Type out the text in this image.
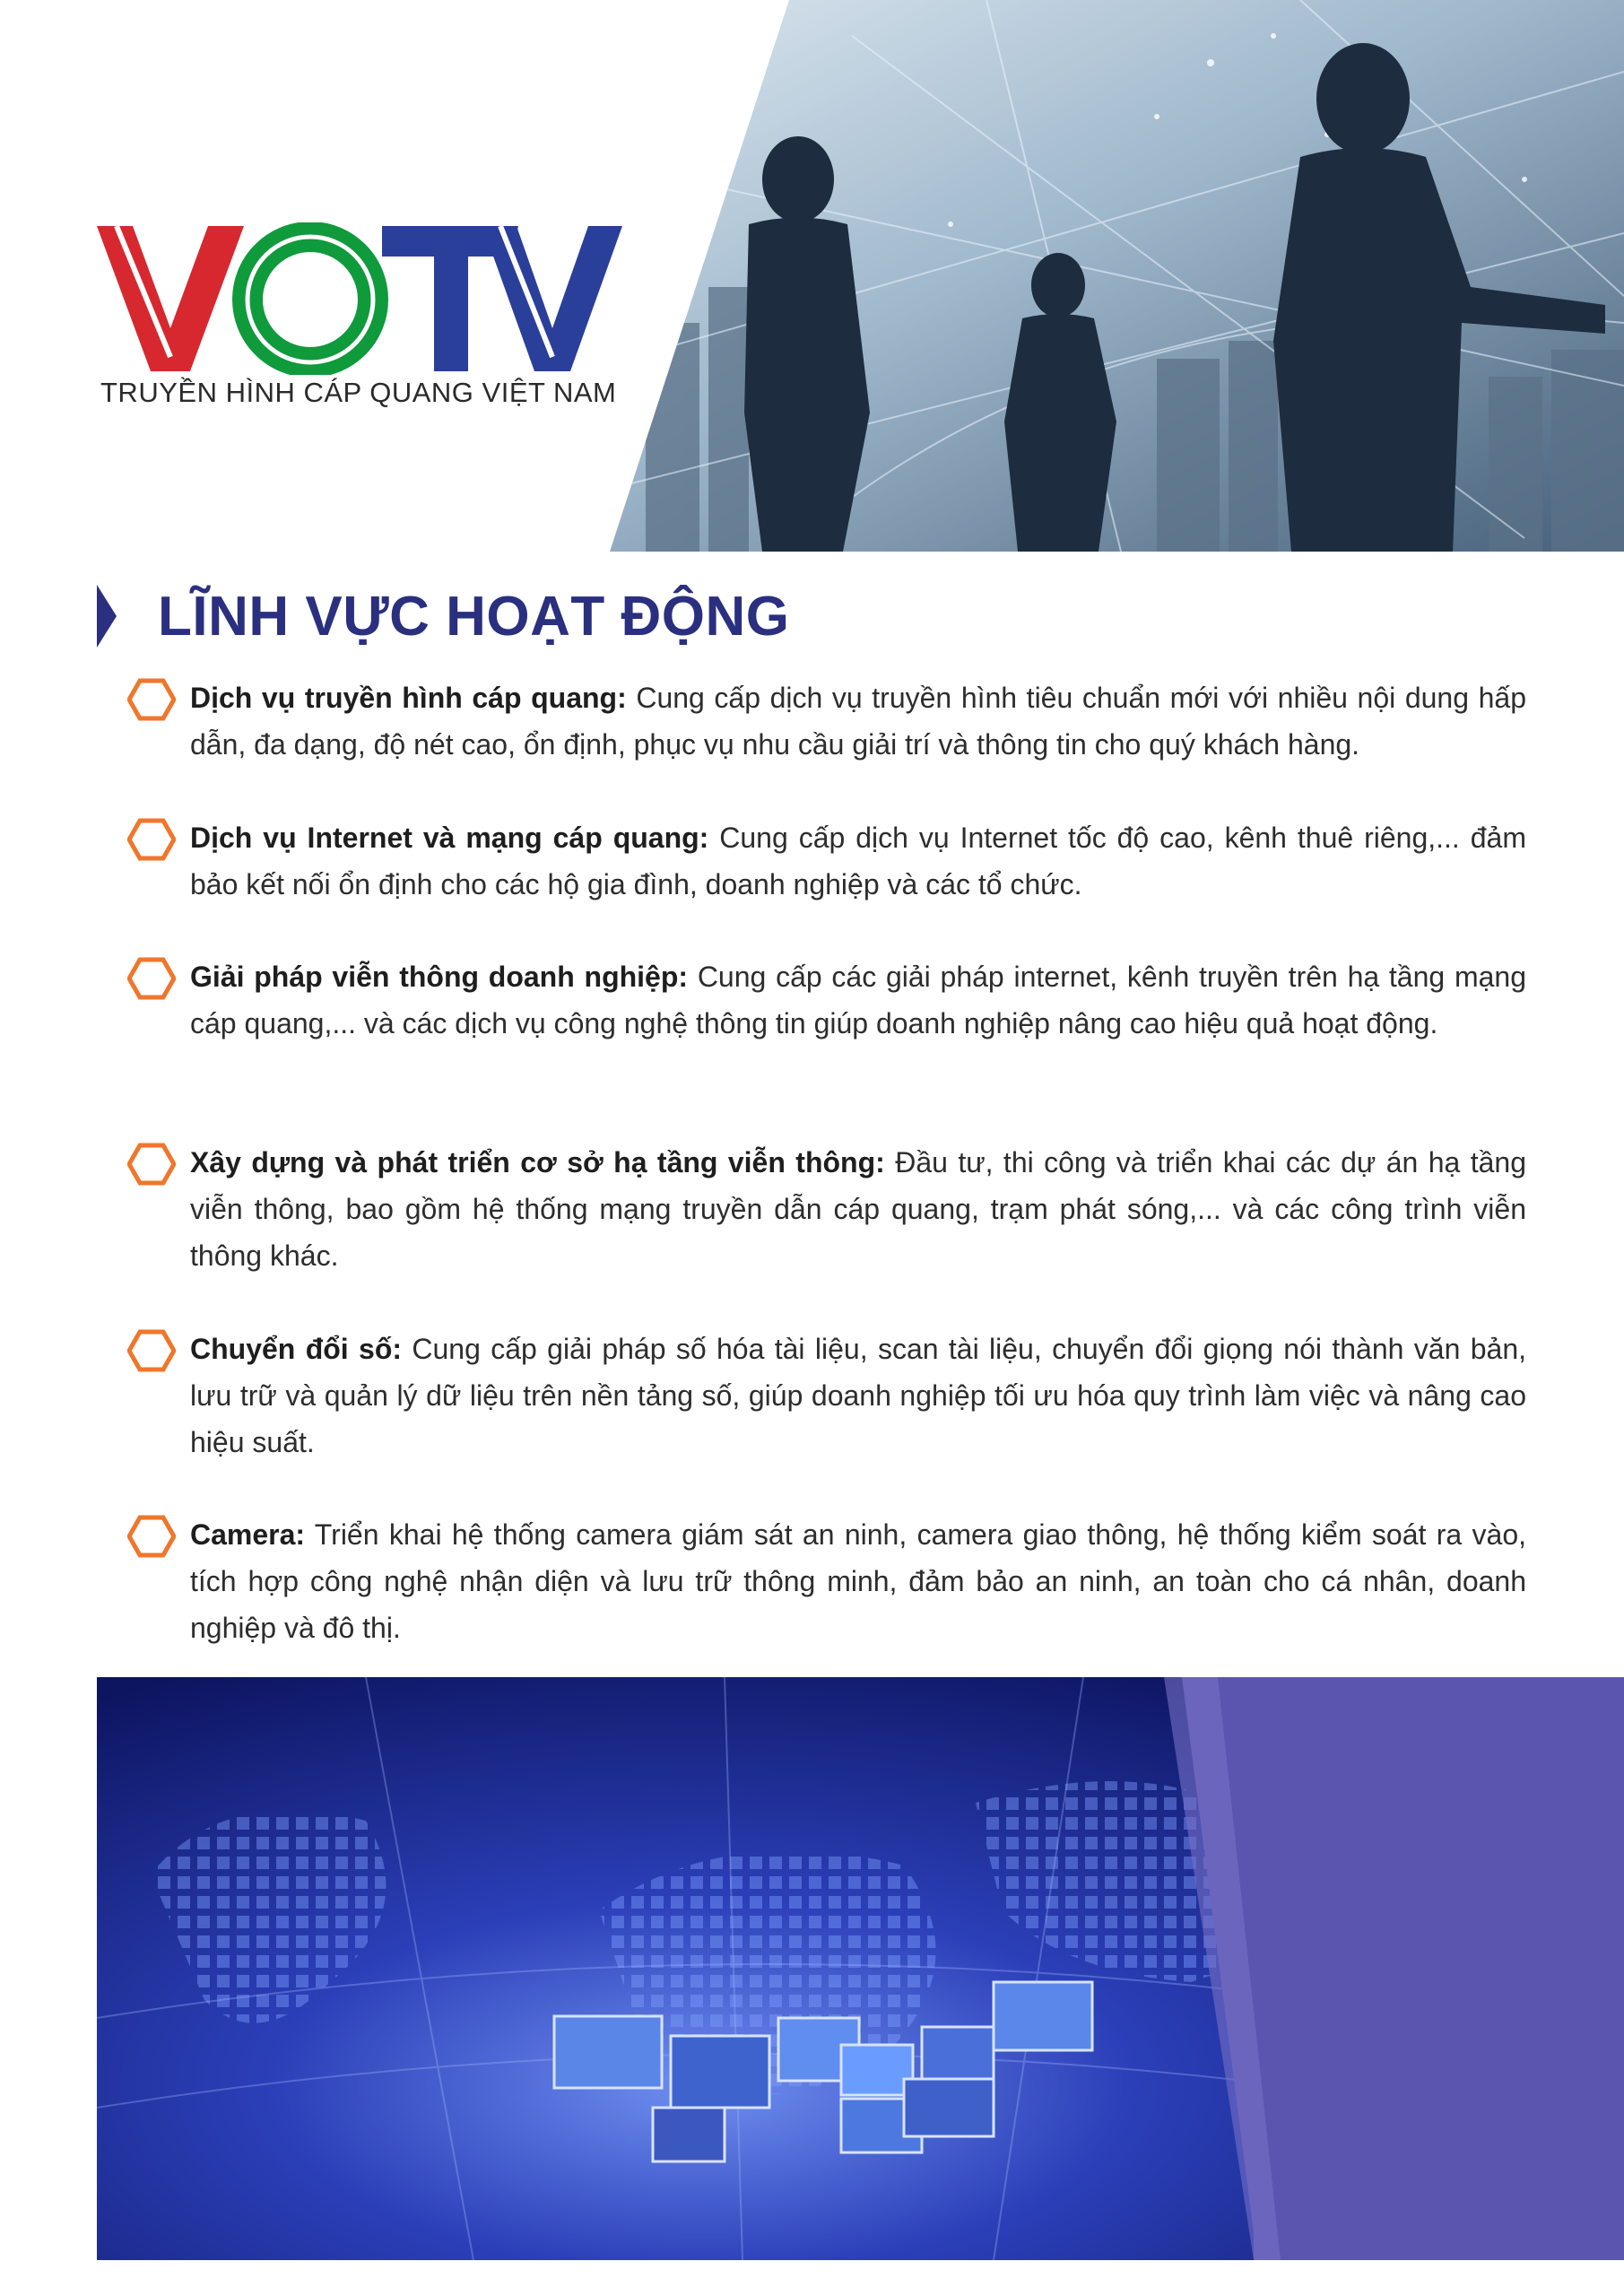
TRUYỀN HÌNH CÁP QUANG VIỆT NAM
LĨNH VỰC HOẠT ĐỘNG
Dịch vụ truyền hình cáp quang: Cung cấp dịch vụ truyền hình tiêu chuẩn mới với nhiều nội dung hấp dẫn, đa dạng, độ nét cao, ổn định, phục vụ nhu cầu giải trí và thông tin cho quý khách hàng.
Dịch vụ Internet và mạng cáp quang: Cung cấp dịch vụ Internet tốc độ cao, kênh thuê riêng,... đảm bảo kết nối ổn định cho các hộ gia đình, doanh nghiệp và các tổ chức.
Giải pháp viễn thông doanh nghiệp: Cung cấp các giải pháp internet, kênh truyền trên hạ tầng mạng cáp quang,... và các dịch vụ công nghệ thông tin giúp doanh nghiệp nâng cao hiệu quả hoạt động.
Xây dựng và phát triển cơ sở hạ tầng viễn thông: Đầu tư, thi công và triển khai các dự án hạ tầng viễn thông, bao gồm hệ thống mạng truyền dẫn cáp quang, trạm phát sóng,... và các công trình viễn thông khác.
Chuyển đổi số: Cung cấp giải pháp số hóa tài liệu, scan tài liệu, chuyển đổi giọng nói thành văn bản, lưu trữ và quản lý dữ liệu trên nền tảng số, giúp doanh nghiệp tối ưu hóa quy trình làm việc và nâng cao hiệu suất.
Camera: Triển khai hệ thống camera giám sát an ninh, camera giao thông, hệ thống kiểm soát ra vào, tích hợp công nghệ nhận diện và lưu trữ thông minh, đảm bảo an ninh, an toàn cho cá nhân, doanh nghiệp và đô thị.
